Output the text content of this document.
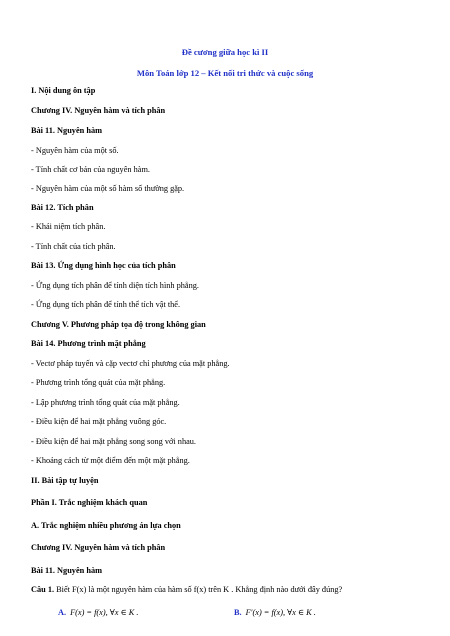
Đề cương giữa học kì II
Môn Toán lớp 12 – Kết nối tri thức và cuộc sống
I. Nội dung ôn tập
Chương IV. Nguyên hàm và tích phân
Bài 11. Nguyên hàm
- Nguyên hàm của một số.
- Tính chất cơ bản của nguyên hàm.
- Nguyên hàm của một số hàm số thường gặp.
Bài 12. Tích phân
- Khái niệm tích phân.
- Tính chất của tích phân.
Bài 13. Ứng dụng hình học của tích phân
- Ứng dụng tích phân để tính diện tích hình phẳng.
- Ứng dụng tích phân để tính thể tích vật thể.
Chương V. Phương pháp tọa độ trong không gian
Bài 14. Phương trình mặt phẳng
- Vectơ pháp tuyến và cặp vectơ chỉ phương của mặt phẳng.
- Phương trình tổng quát của mặt phẳng.
- Lập phương trình tổng quát của mặt phẳng.
- Điều kiện để hai mặt phẳng vuông góc.
- Điều kiện để hai mặt phẳng song song với nhau.
- Khoảng cách từ một điểm đến một mặt phẳng.
II. Bài tập tự luyện
Phần I. Trắc nghiệm khách quan
A. Trắc nghiệm nhiều phương án lựa chọn
Chương IV. Nguyên hàm và tích phân
Bài 11. Nguyên hàm
Câu 1. Biết F(x) là một nguyên hàm của hàm số f(x) trên K . Khẳng định nào dưới đây đúng?
A. F(x) = f(x), ∀x ∈ K .	B. F′(x) = f(x), ∀x ∈ K .
